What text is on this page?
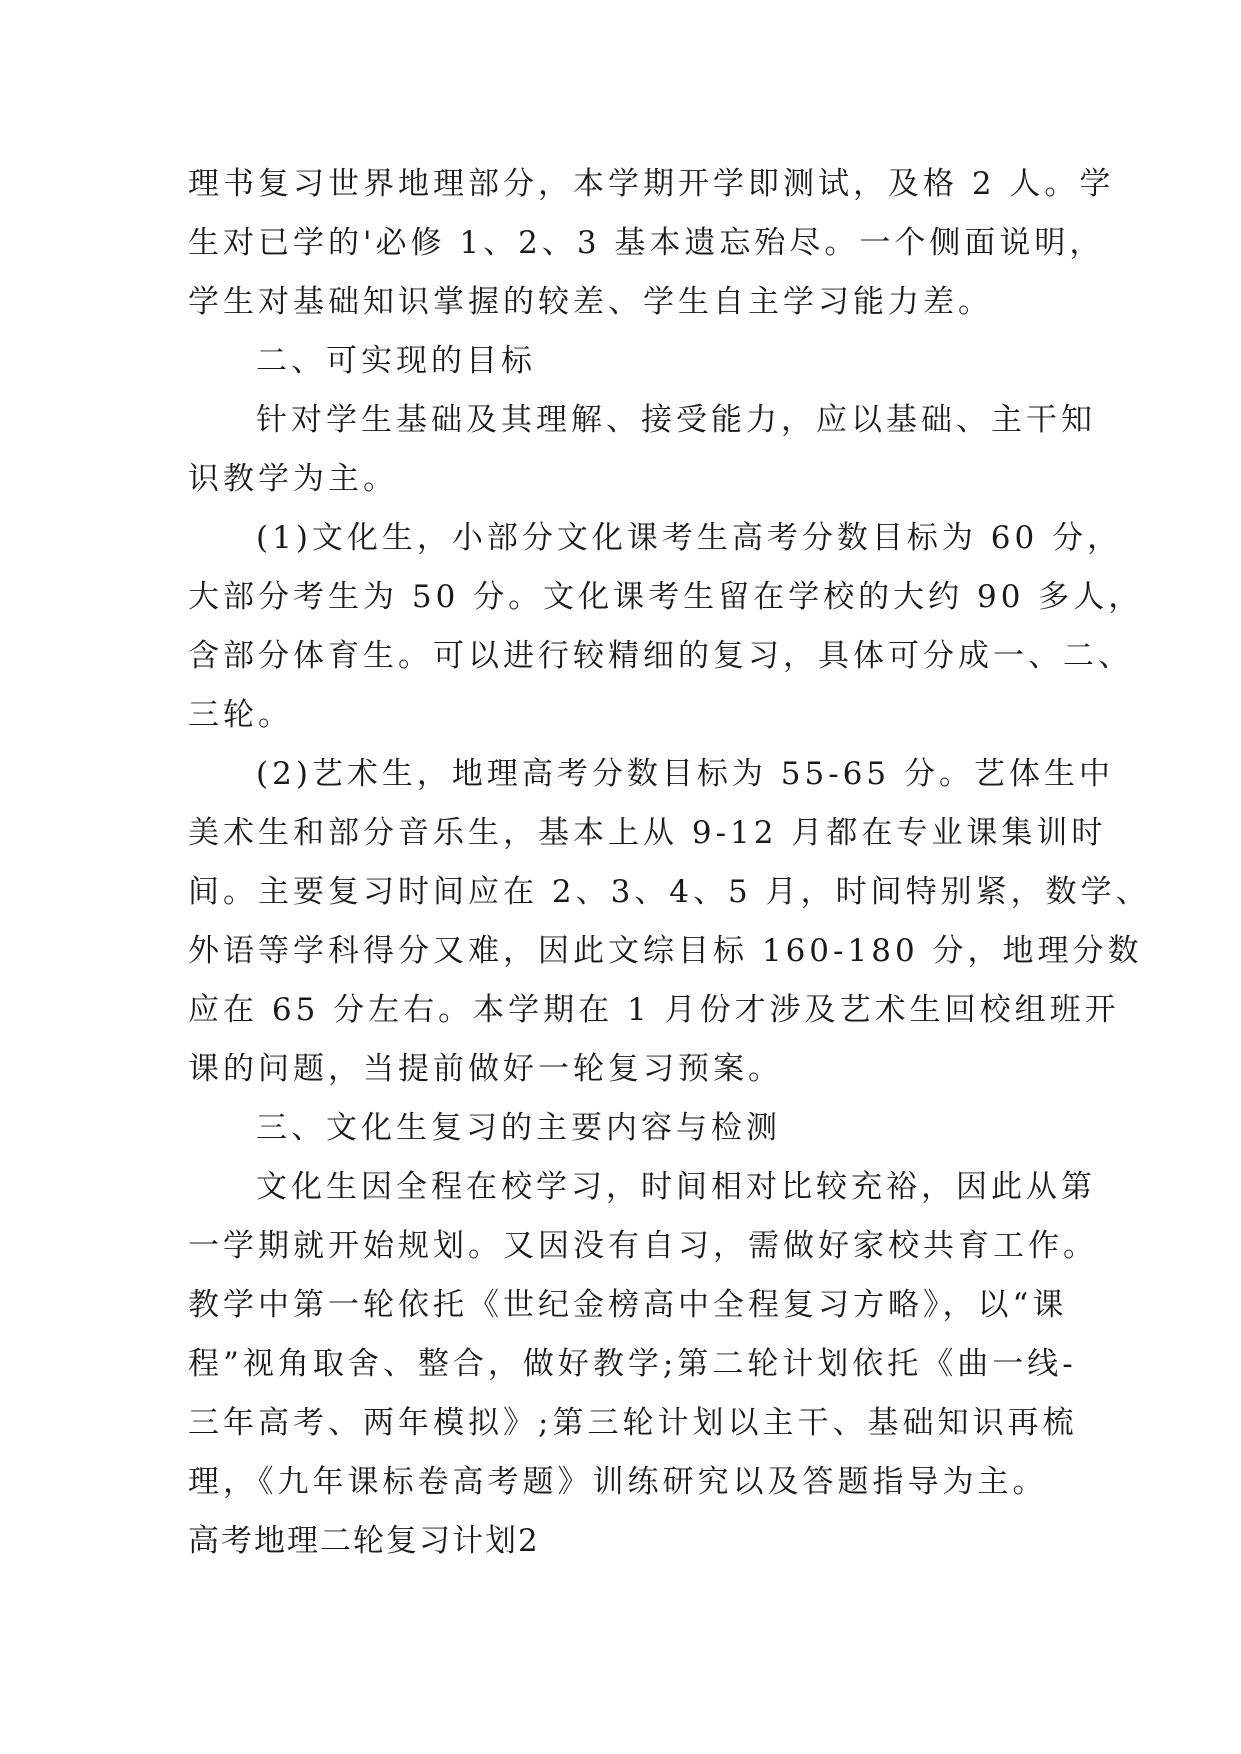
理书复习世界地理部分，本学期开学即测试，及格 2 人。学
生对已学的'必修 1、2、3 基本遗忘殆尽。一个侧面说明，
学生对基础知识掌握的较差、学生自主学习能力差。
二、可实现的目标
针对学生基础及其理解、接受能力，应以基础、主干知
识教学为主。
(1)文化生，小部分文化课考生高考分数目标为 60 分，
大部分考生为 50 分。文化课考生留在学校的大约 90 多人，
含部分体育生。可以进行较精细的复习，具体可分成一、二、
三轮。
(2)艺术生，地理高考分数目标为 55-65 分。艺体生中
美术生和部分音乐生，基本上从 9-12 月都在专业课集训时
间。主要复习时间应在 2、3、4、5 月，时间特别紧，数学、
外语等学科得分又难，因此文综目标 160-180 分，地理分数
应在 65 分左右。本学期在 1 月份才涉及艺术生回校组班开
课的问题，当提前做好一轮复习预案。
三、文化生复习的主要内容与检测
文化生因全程在校学习，时间相对比较充裕，因此从第
一学期就开始规划。又因没有自习，需做好家校共育工作。
教学中第一轮依托《世纪金榜高中全程复习方略》，以“课
程”视角取舍、整合，做好教学;第二轮计划依托《曲一线-
三年高考、两年模拟》;第三轮计划以主干、基础知识再梳
理，《九年课标卷高考题》训练研究以及答题指导为主。
高考地理二轮复习计划2
